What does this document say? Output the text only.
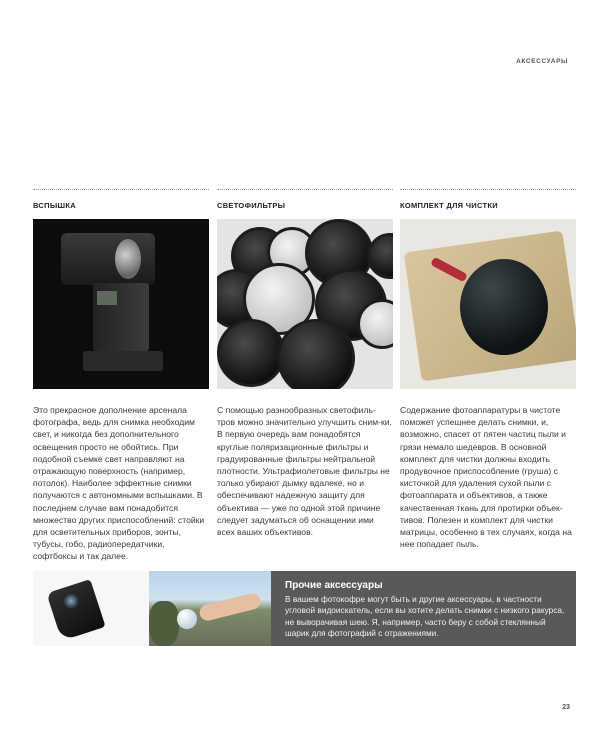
АКСЕССУАРЫ
ВСПЫШКА
Это прекрасное дополнение арсенала фотографа, ведь для снимка необходим свет, и никогда без дополнительного освещения просто не обойтись. При подобной съемке свет направляют на отражающую поверхность (например, потолок). Наиболее эффектные снимки получаются с автономными вспышками. В последнем случае вам понадобится множество других приспособлений: стойки для осветительных приборов, зонты, тубусы, гобо, радиопередатчики, софтбоксы и так далее.
СВЕТОФИЛЬТРЫ
С помощью разнообразных светофиль-тров можно значительно улучшить сним-ки. В первую очередь вам понадобятся круглые поляризационные фильтры и градуированные фильтры нейтральной плотности. Ультрафиолетовые фильтры не только убирают дымку вдалеке, но и обеспечивают надежную защиту для объектива — уже по одной этой причине следует задуматься об оснащении ими всех ваших объективов.
КОМПЛЕКТ ДЛЯ ЧИСТКИ
Содержание фотоаппаратуры в чистоте поможет успешнее делать снимки, и, возможно, спасет от пятен частиц пыли и грязи немало шедевров. В основной комплект для чистки должны входить продувочное приспособление (груша) с кисточкой для удаления сухой пыли с фотоаппарата и объективов, а также качественная ткань для протирки объек-тивов. Полезен и комплект для чистки матрицы, особенно в тех случаях, когда на нее попадает пыль.
Прочие аксессуары
В вашем фотокофре могут быть и другие аксессуары, в частности угловой видоискатель, если вы хотите делать снимки с низкого ракурса, не выворачивая шею. Я, например, часто беру с собой стеклянный шарик для фотографий с отражениями.
23
